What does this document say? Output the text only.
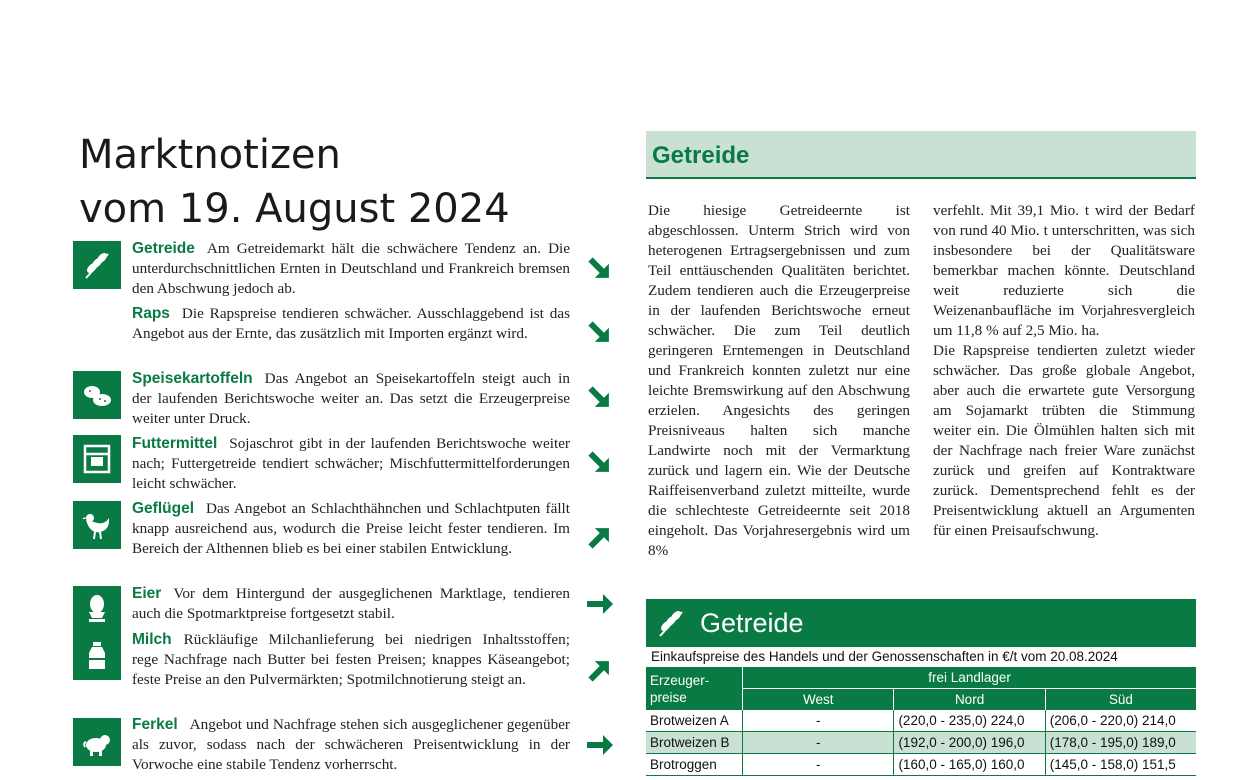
Marktnotizen
vom 19. August 2024
Getreide Am Getreidemarkt hält die schwächere Tendenz an. Die unterdurchschnittlichen Ernten in Deutschland und Frankreich bremsen den Abschwung jedoch ab.
Raps Die Rapspreise tendieren schwächer. Ausschlaggebend ist das Angebot aus der Ernte, das zusätzlich mit Importen ergänzt wird.
Speisekartoffeln Das Angebot an Speisekartoffeln steigt auch in der laufenden Berichtswoche weiter an. Das setzt die Erzeugerpreise weiter unter Druck.
Futtermittel Sojaschrot gibt in der laufenden Berichtswoche weiter nach; Futtergetreide tendiert schwächer; Mischfuttermittelforderungen leicht schwächer.
Geflügel Das Angebot an Schlachthähnchen und Schlachtputen fällt knapp ausreichend aus, wodurch die Preise leicht fester tendieren. Im Bereich der Althennen blieb es bei einer stabilen Entwicklung.
Eier Vor dem Hintergund der ausgeglichenen Marktlage, tendieren auch die Spotmarktpreise fortgesetzt stabil.
Milch Rückläufige Milchanlieferung bei niedrigen Inhaltsstoffen; rege Nachfrage nach Butter bei festen Preisen; knappes Käseangebot; feste Preise an den Pulvermärkten; Spotmilchnotierung steigt an.
Ferkel Angebot und Nachfrage stehen sich ausgeglichener gegenüber als zuvor, sodass nach der schwächeren Preisentwicklung in der Vorwoche eine stabile Tendenz vorherrscht.
Getreide

Die hiesige Getreideernte ist abgeschlossen. Unterm Strich wird von heterogenen Ertragsergebnissen und zum Teil enttäuschenden Qualitäten berichtet. Zudem tendieren auch die Erzeugerpreise in der laufenden Berichtswoche erneut schwächer. Die zum Teil deutlich geringeren Erntemengen in Deutschland und Frankreich konnten zuletzt nur eine leichte Bremswirkung auf den Abschwung erzielen. Angesichts des geringen Preisniveaus halten sich manche Landwirte noch mit der Vermarktung zurück und lagern ein. Wie der Deutsche Raiffeisenverband zuletzt mitteilte, wurde die schlechteste Getreideernte seit 2018 eingeholt. Das Vorjahresergebnis wird um 8%

verfehlt. Mit 39,1 Mio. t wird der Bedarf von rund 40 Mio. t unterschritten, was sich insbesondere bei der Qualitätsware bemerkbar machen könnte. Deutschland weit reduzierte sich die Weizenanbaufläche im Vorjahresvergleich um 11,8 % auf 2,5 Mio. ha.

Die Rapspreise tendierten zuletzt wieder schwächer. Das große globale Angebot, aber auch die erwartete gute Versorgung am Sojamarkt trübten die Stimmung weiter ein. Die Ölmühlen halten sich mit der Nachfrage nach freier Ware zunächst zurück und greifen auf Kontraktware zurück. Dementsprechend fehlt es der Preisentwicklung aktuell an Argumenten für einen Preisaufschwung.

Getreide
Einkaufspreise des Handels und der Genossenschaften in €/t vom 20.08.2024
Erzeuger-preise	frei Landlager		
	West	Nord	Süd
Brotweizen A	-	(220,0 - 235,0) 224,0	(206,0 - 220,0) 214,0
Brotweizen B	-	(192,0 - 200,0) 196,0	(178,0 - 195,0) 189,0
Brotroggen	-	(160,0 - 165,0) 160,0	(145,0 - 158,0) 151,5
